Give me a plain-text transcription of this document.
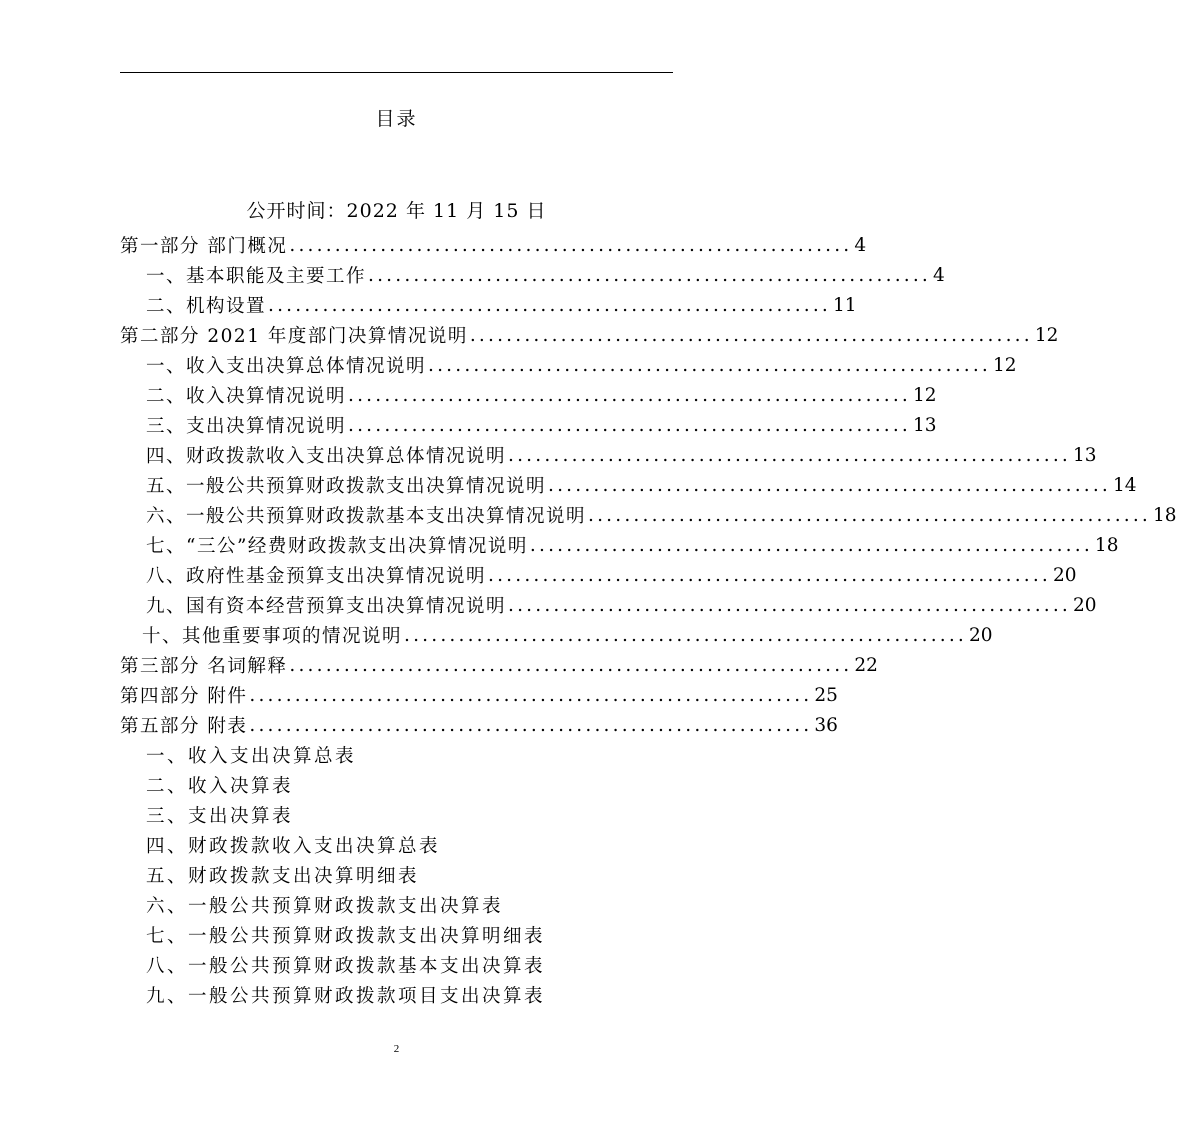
目录
公开时间：2022 年 11 月 15 日
第一部分 部门概况 .............................................................. 4
一、基本职能及主要工作 .............................................................. 4
二、机构设置 .............................................................. 11
第二部分 2021 年度部门决算情况说明 .............................................................. 12
一、收入支出决算总体情况说明 .............................................................. 12
二、收入决算情况说明 .............................................................. 12
三、支出决算情况说明 .............................................................. 13
四、财政拨款收入支出决算总体情况说明 .............................................................. 13
五、一般公共预算财政拨款支出决算情况说明 .............................................................. 14
六、一般公共预算财政拨款基本支出决算情况说明 .............................................................. 18
七、“三公”经费财政拨款支出决算情况说明 .............................................................. 18
八、政府性基金预算支出决算情况说明 .............................................................. 20
九、国有资本经营预算支出决算情况说明 .............................................................. 20
十、其他重要事项的情况说明 .............................................................. 20
第三部分 名词解释 .............................................................. 22
第四部分 附件 .............................................................. 25
第五部分 附表 .............................................................. 36
一、收入支出决算总表
二、收入决算表
三、支出决算表
四、财政拨款收入支出决算总表
五、财政拨款支出决算明细表
六、一般公共预算财政拨款支出决算表
七、一般公共预算财政拨款支出决算明细表
八、一般公共预算财政拨款基本支出决算表
九、一般公共预算财政拨款项目支出决算表
2
